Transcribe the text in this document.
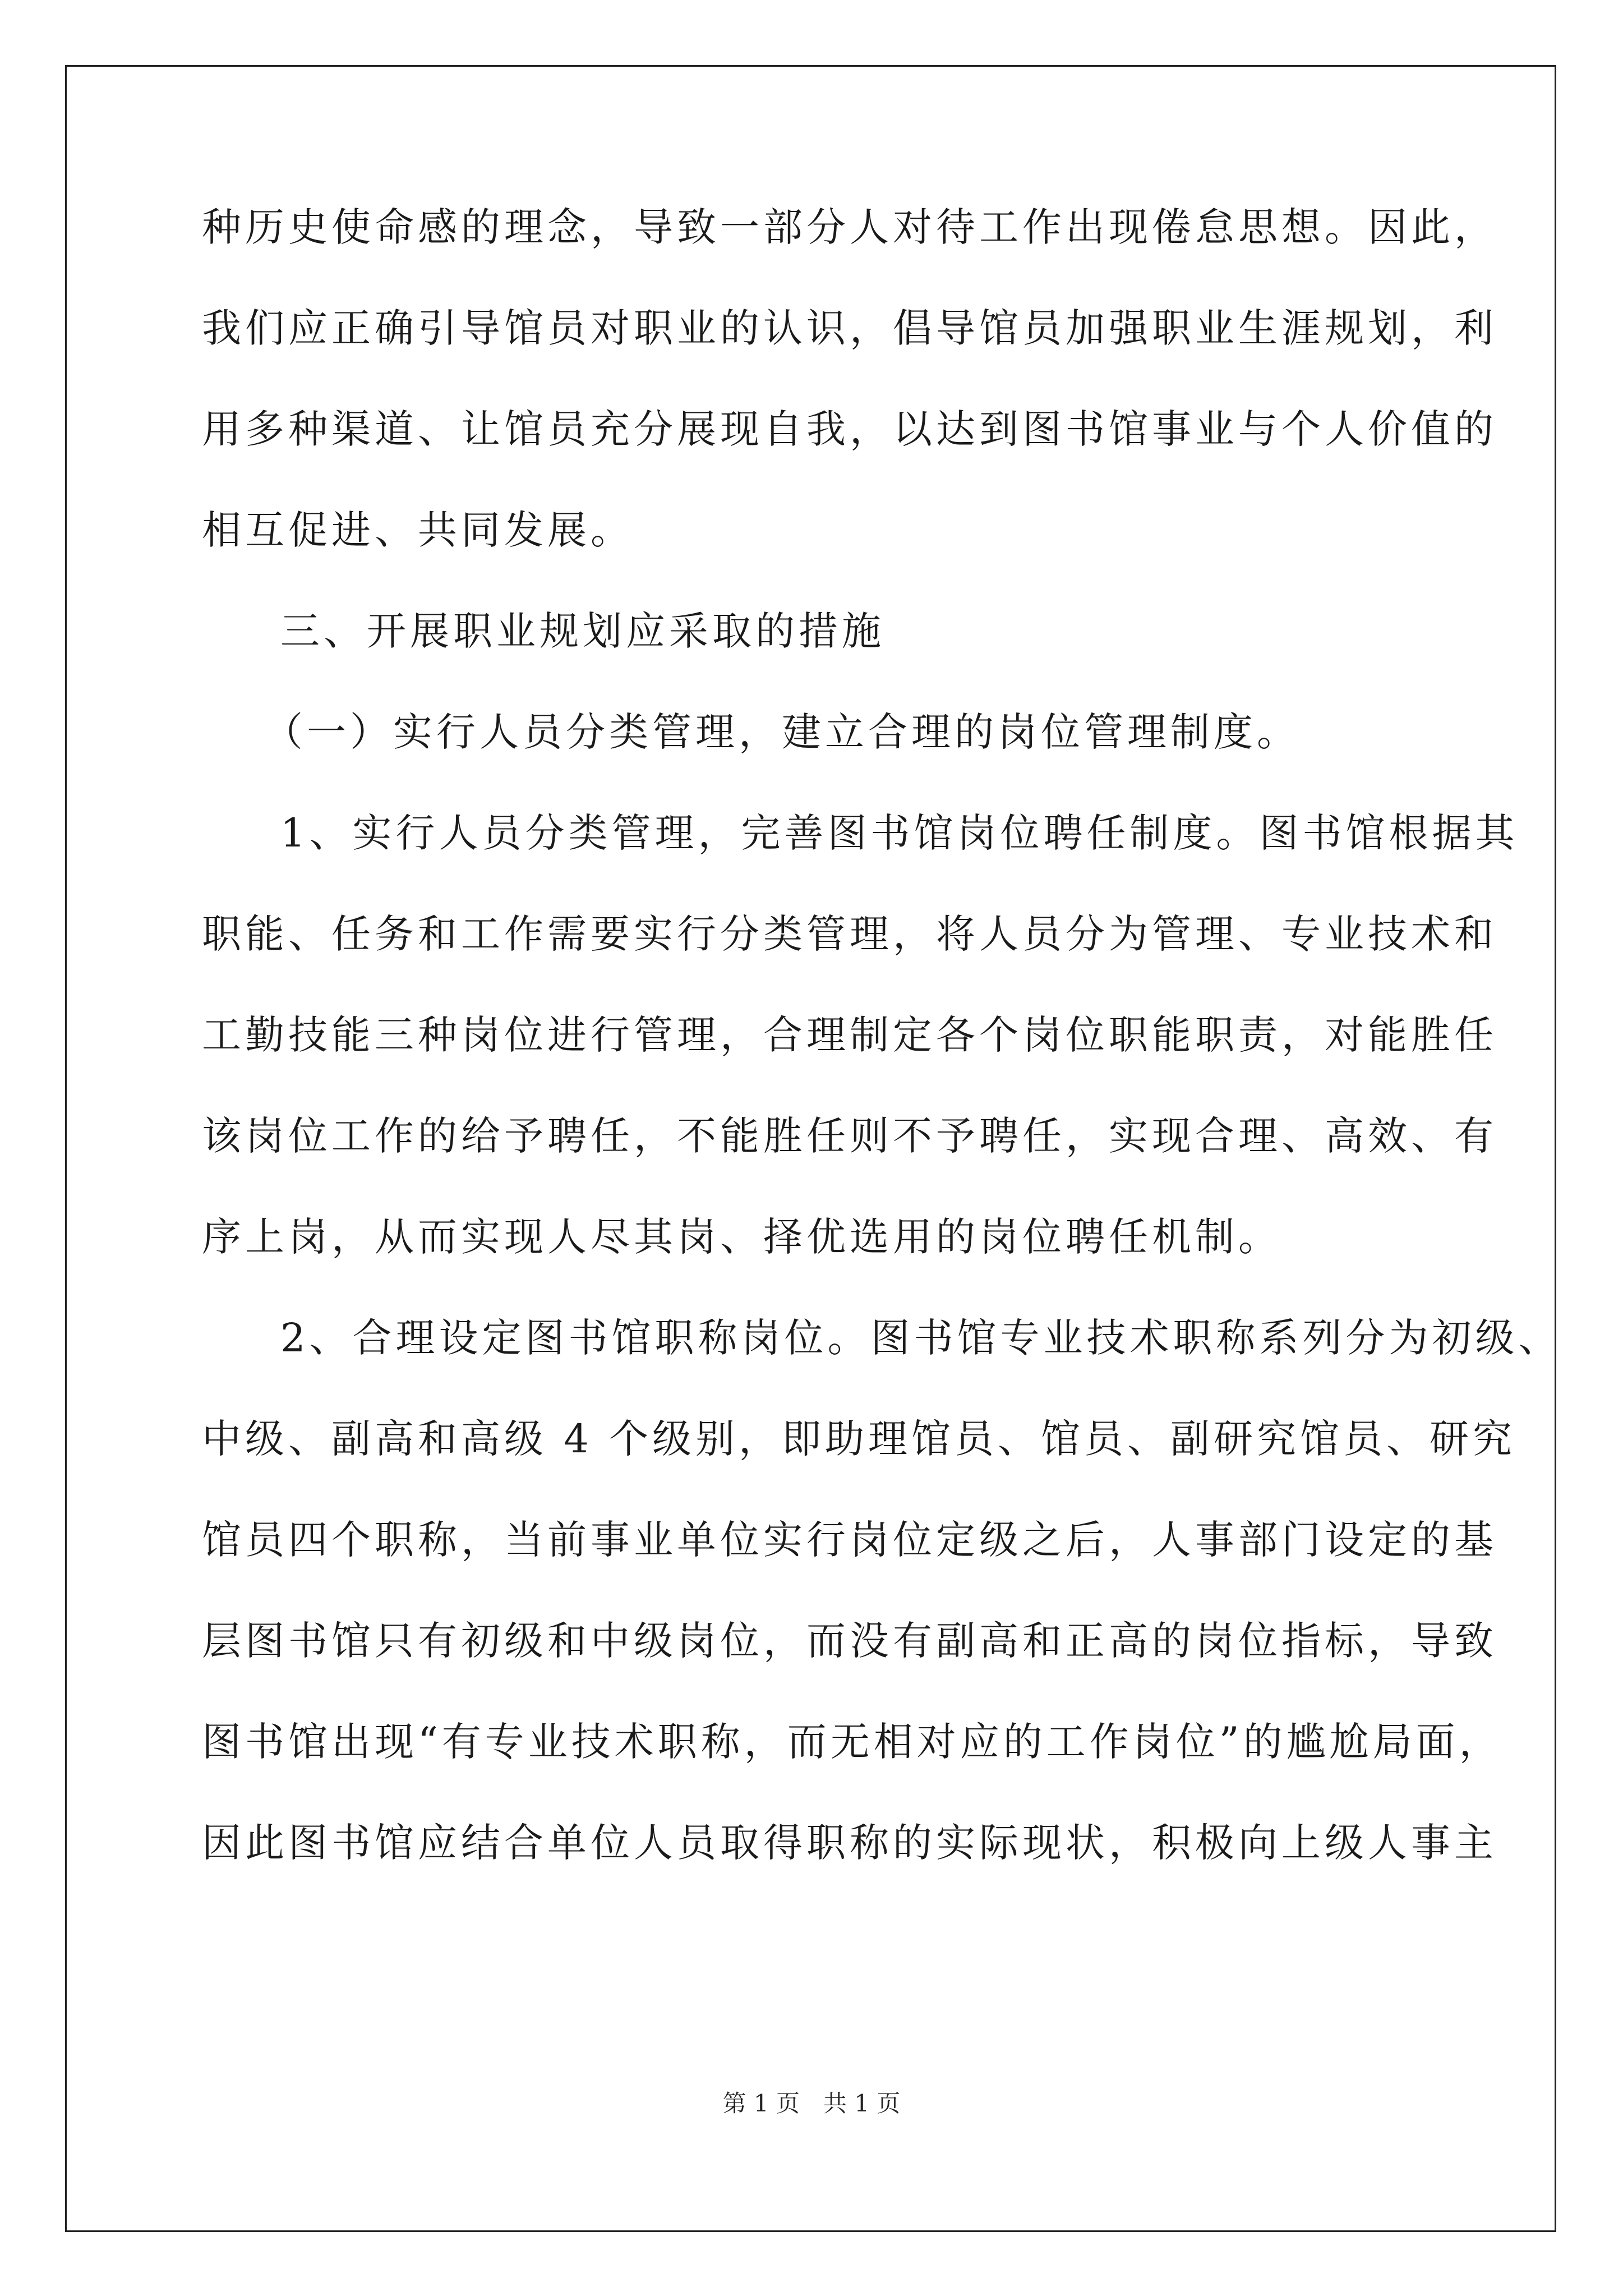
种历史使命感的理念，导致一部分人对待工作出现倦怠思想。因此，
我们应正确引导馆员对职业的认识，倡导馆员加强职业生涯规划，利
用多种渠道、让馆员充分展现自我，以达到图书馆事业与个人价值的
相互促进、共同发展。
三、开展职业规划应采取的措施
（一）实行人员分类管理，建立合理的岗位管理制度。
1、实行人员分类管理，完善图书馆岗位聘任制度。图书馆根据其
职能、任务和工作需要实行分类管理，将人员分为管理、专业技术和
工勤技能三种岗位进行管理，合理制定各个岗位职能职责，对能胜任
该岗位工作的给予聘任，不能胜任则不予聘任，实现合理、高效、有
序上岗，从而实现人尽其岗、择优选用的岗位聘任机制。
2、合理设定图书馆职称岗位。图书馆专业技术职称系列分为初级、
中级、副高和高级 4 个级别，即助理馆员、馆员、副研究馆员、研究
馆员四个职称，当前事业单位实行岗位定级之后，人事部门设定的基
层图书馆只有初级和中级岗位，而没有副高和正高的岗位指标，导致
图书馆出现“有专业技术职称，而无相对应的工作岗位”的尴尬局面，
因此图书馆应结合单位人员取得职称的实际现状，积极向上级人事主
第 1 页　共 1 页
